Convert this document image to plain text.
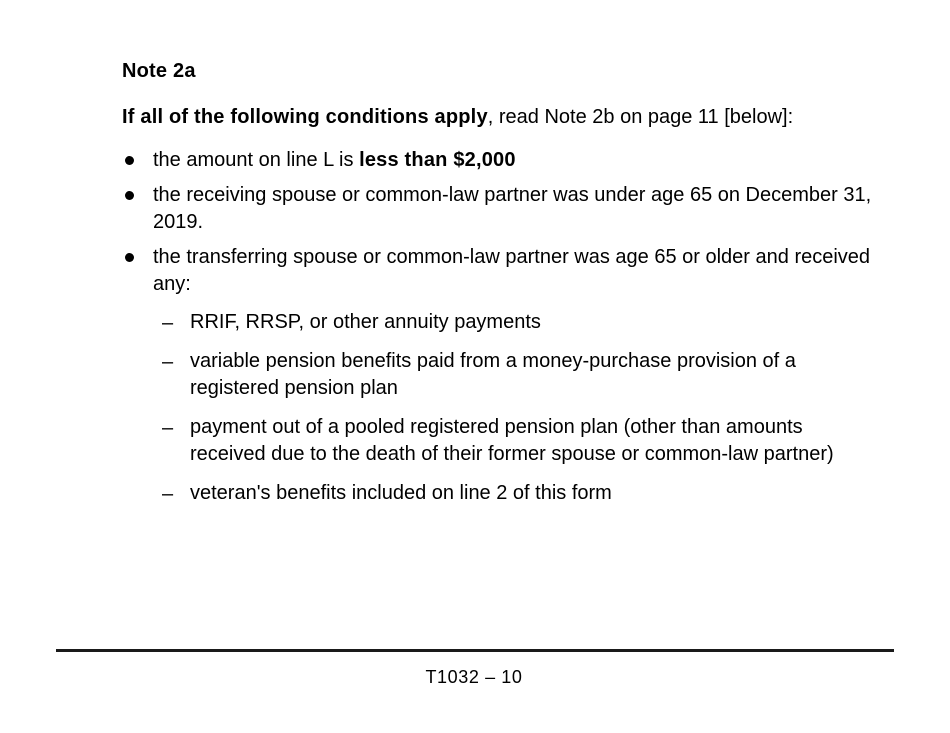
Note 2a

If all of the following conditions apply, read Note 2b on page 11 [below]:

the amount on line L is less than $2,000
the receiving spouse or common-law partner was under age 65 on December 31, 2019.
the transferring spouse or common-law partner was age 65 or older and received any:
– RRIF, RRSP, or other annuity payments
– variable pension benefits paid from a money-purchase provision of a registered pension plan
– payment out of a pooled registered pension plan (other than amounts received due to the death of their former spouse or common-law partner)
– veteran's benefits included on line 2 of this form
T1032 – 10
